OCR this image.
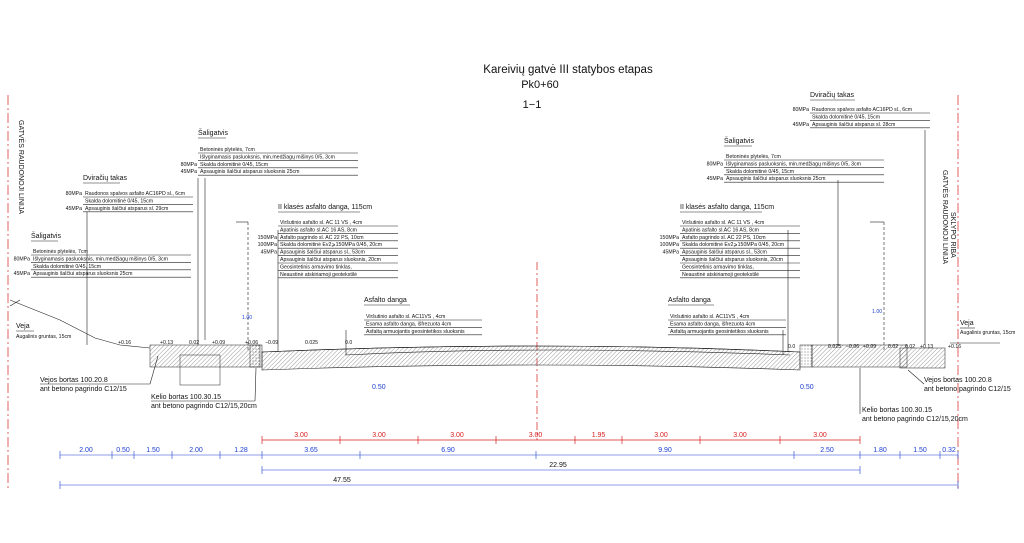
Kareivių gatvė III statybos etapas
Pk0+60
1−1
GATVĖS RAUDONOJI LINIJA
SKLYPO RIBA
GATVĖS RAUDONOJI LINIJA
Šaligatvis
Betoninės plytelės, 7cm
Išlyginamasis pasluoksnis, min.medžiagų mišinys 0/5, 3cm
Skalda dolomitinė 0/45, 15cm
80MPa
Apsauginis šalčiui atsparus sluoksnis 25cm
45MPa
Dviračių takas
Raudonos spalvos asfalto AC16PD sl., 6cm
80MPa
Skalda dolomitinė 0/45, 15cm
Apsauginis šalčiui atsparus sl. 29cm
45MPa
Šaligatvis
Betoninės plytelės, 7cm
Išlyginamasis pasluoksnis, min.medžiagų mišinys 0/5, 3cm
80MPa
Skalda dolomitinė 0/45, 15cm
Apsauginis šalčiui atsparus sluoksnis 25cm
45MPa
II klasės asfalto danga, 115cm
Viršutinio asfalto sl. AC 11 VS , 4cm
Apatinis asfalto sl.AC 16 AS, 8cm
Asfalto pagrindo sl. AC 22 PS, 10cm
150MPa
Skalda dolomitinė Ev2⩾150MPa 0/45, 20cm
100MPa
Apsauginis šalčiui atsparus sl., 53cm
45MPa
Apsauginis šalčiui atsparus sluoksnis, 20cm
Geosintetinis armavimo tinklas,
Neaustinė atskiriamoji geotekstilė
Asfalto danga
Viršutinio asfalto sl. AC11VS , 4cm
Esama asfalto danga, išfrezuota 4cm
Asfaltą armuojantis geosintetikos sluoksnis
Veja
Augalinis gruntas, 15cm
Vejos bortas 100.20.8
ant betono pagrindo C12/15
Kelio bortas 100.30.15
ant betono pagrindo C12/15,20cm
Dviračių takas
Raudonos spalvos asfalto AC16PD sl., 6cm
80MPa
Skalda dolomitinė 0/45, 15cm
Apsauginis šalčiui atsparus sl. 28cm
45MPa
Šaligatvis
Betoninės plytelės, 7cm
Išlyginamasis pasluoksnis, min.medžiagų mišinys 0/5, 3cm
80MPa
Skalda dolomitinė 0/45, 15cm
Apsauginis šalčiui atsparus sluoksnis 25cm
45MPa
II klasės asfalto danga, 115cm
Viršutinio asfalto sl. AC 11 VS , 4cm
Apatinis asfalto sl.AC 16 AS, 8cm
Asfalto pagrindo sl. AC 22 PS, 10cm
150MPa
Skalda dolomitinė Ev2⩾150MPa 0/45, 20cm
100MPa
Apsauginis šalčiui atsparus sl., 53cm
45MPa
Apsauginis šalčiui atsparus sluoksnis, 20cm
Geosintetinis armavimo tinklas,
Neaustinė atskiriamoji geotekstilė
Asfalto danga
Viršutinio asfalto sl. AC11VS , 4cm
Esama asfalto danga, išfrezuota 4cm
Asfaltą armuojantis geosintetikos sluoksnis
Veja
Augalinis gruntas, 15cm
Vejos bortas 100.20.8
ant betono pagrindo C12/15
Kelio bortas 100.30.15
ant betono pagrindo C12/15,20cm
+0.16	+0.13	0.02 +0.09	+0.06 −0.09	0.025	0.0
0.0	0.025 −0.06 +0.09 0.02 0.02 +0.13	+0.16
0.50	0.50
1.00
1.00
3.00	3.00	3.00	3.00	1.95	3.00	3.00	3.00
2.00	0.50 1.50	2.00	1.28	3.65	6.90	9.90	2.50	1.80	1.50 0.32
22.95
47.55
